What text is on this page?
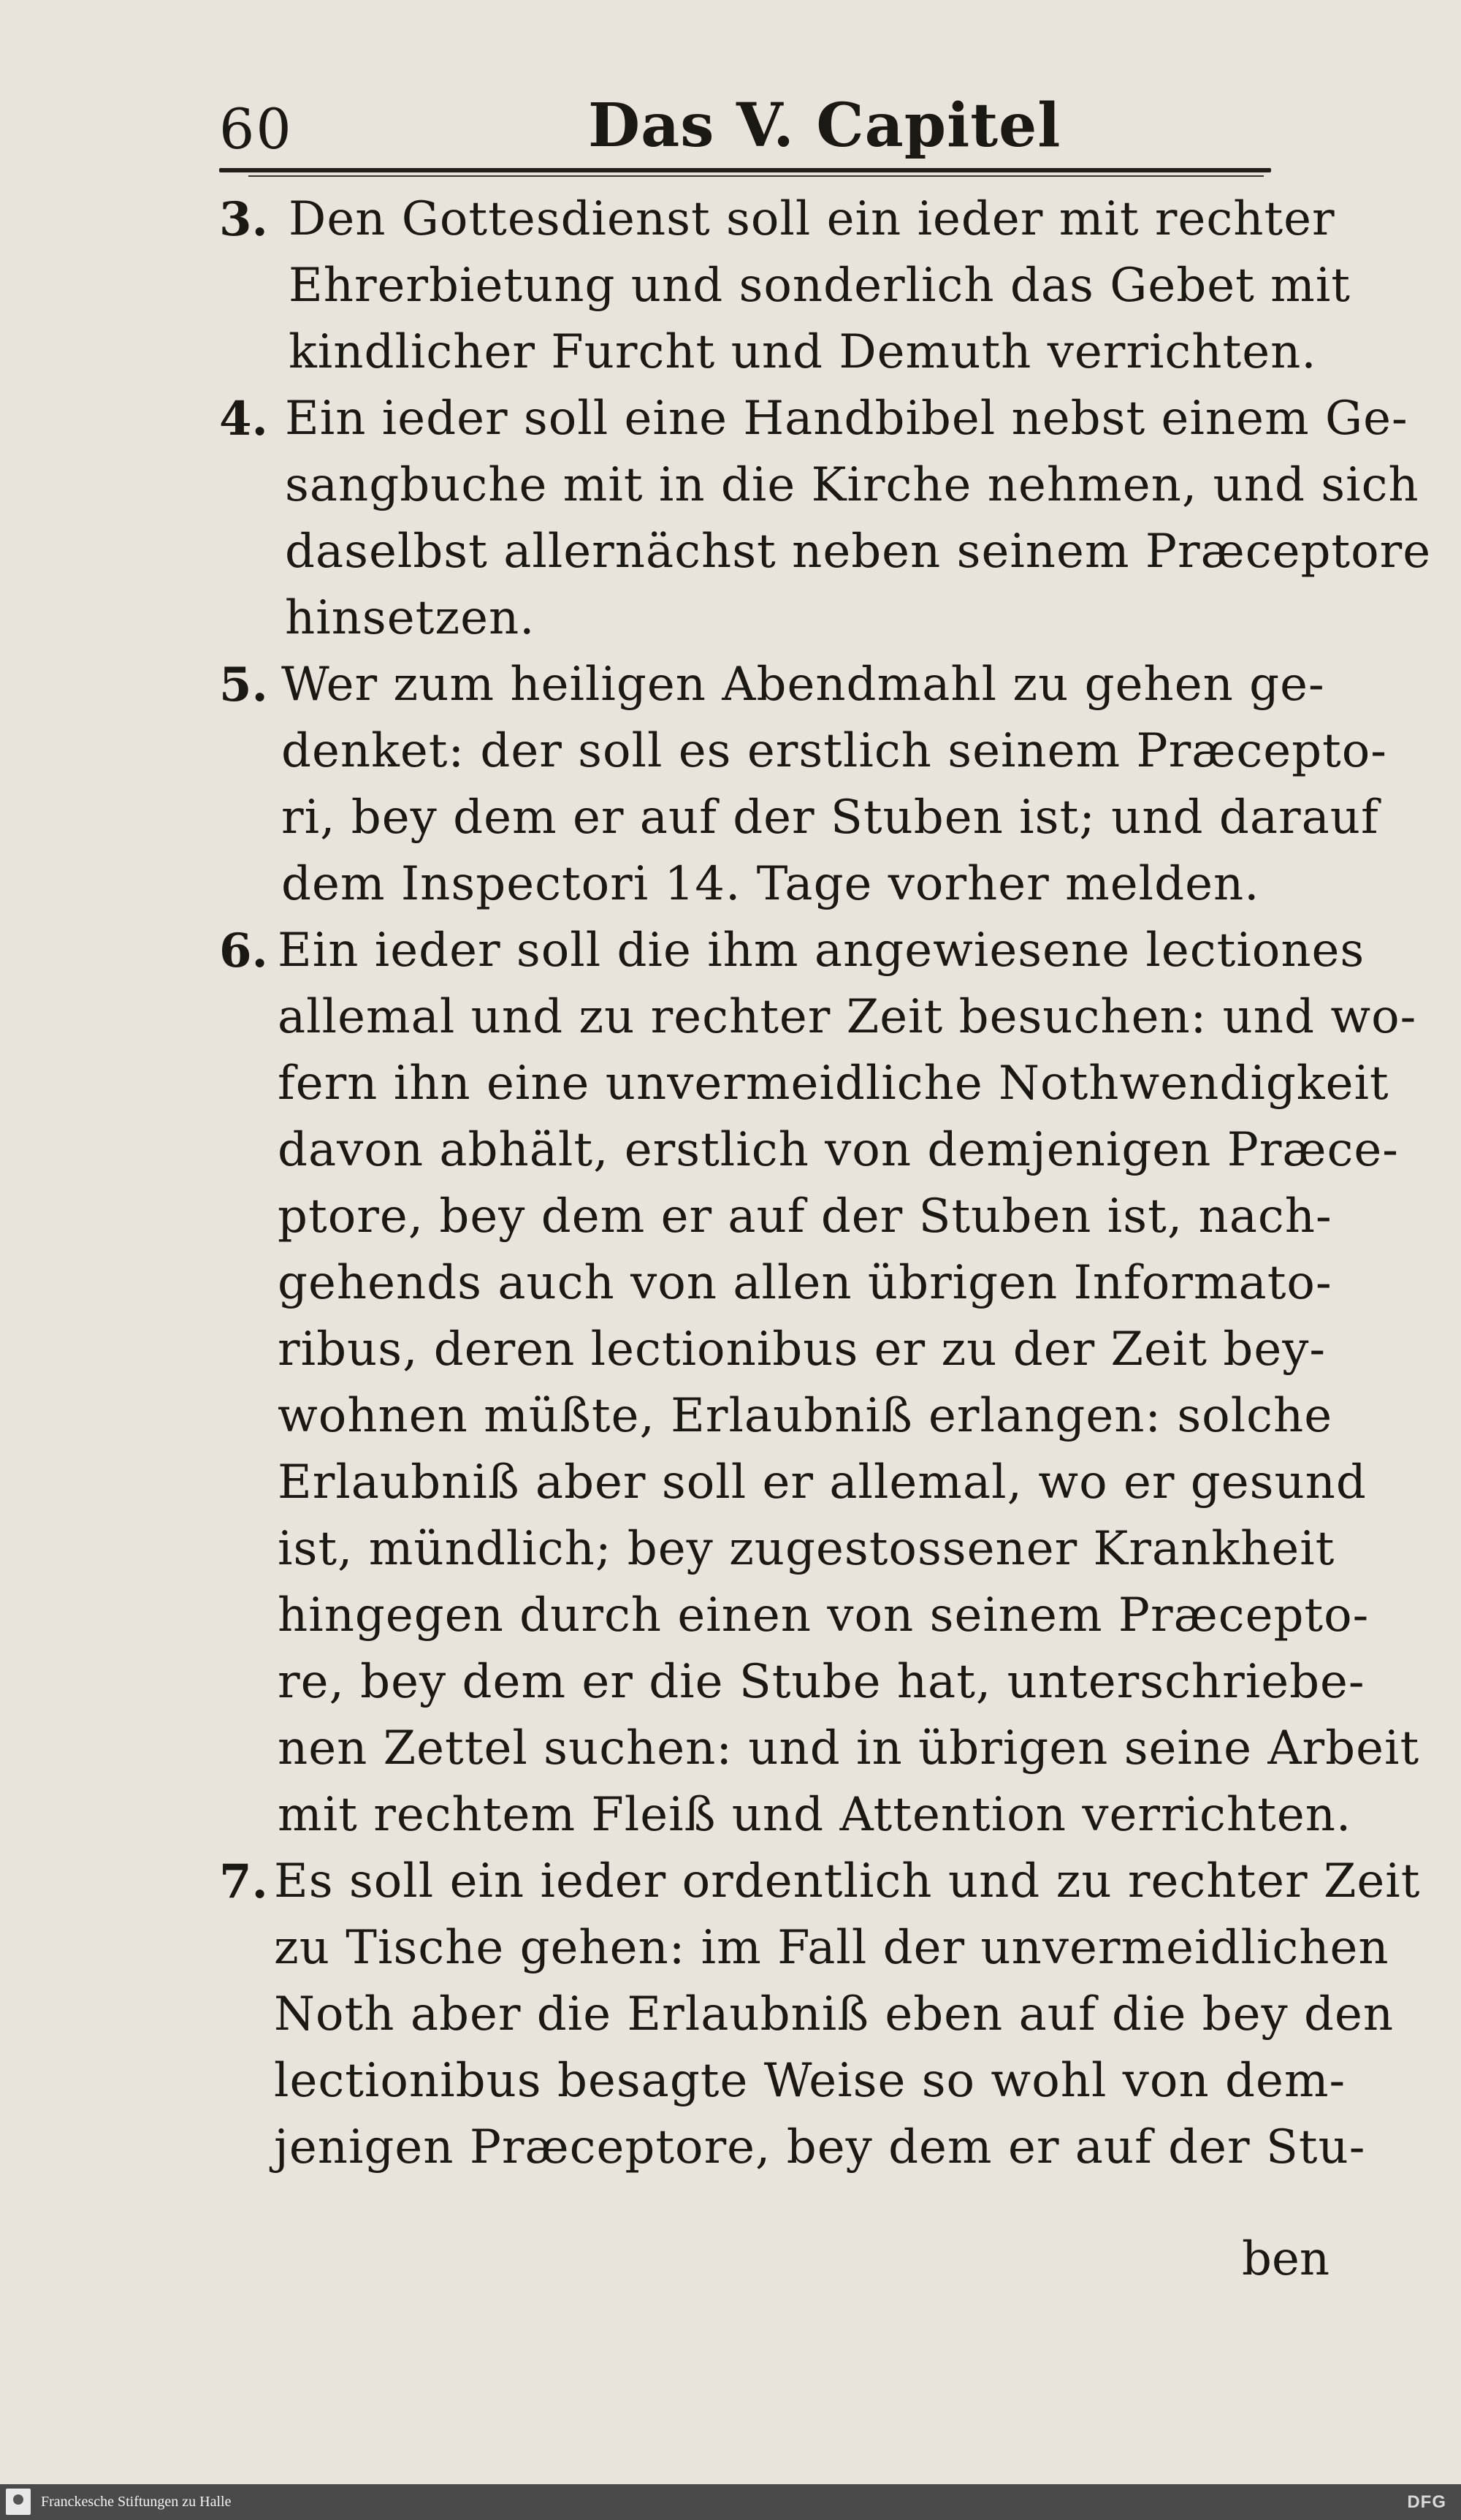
60	Das V. Capitel
3. Den Gottesdienst soll ein ieder mit rechter
Ehrerbietung und sonderlich das Gebet mit
kindlicher Furcht und Demuth verrichten.
4. Ein ieder soll eine Handbibel nebst einem Ge-
sangbuche mit in die Kirche nehmen, und sich
daselbst allernächst neben seinem Præceptore
hinsetzen.
5. Wer zum heiligen Abendmahl zu gehen ge-
denket: der soll es erstlich seinem Præcepto-
ri, bey dem er auf der Stuben ist; und darauf
dem Inspectori 14. Tage vorher melden.
6. Ein ieder soll die ihm angewiesene lectiones
allemal und zu rechter Zeit besuchen: und wo-
fern ihn eine unvermeidliche Nothwendigkeit
davon abhält, erstlich von demjenigen Præce-
ptore, bey dem er auf der Stuben ist, nach-
gehends auch von allen übrigen Informato-
ribus, deren lectionibus er zu der Zeit bey-
wohnen müßte, Erlaubniß erlangen: solche
Erlaubniß aber soll er allemal, wo er gesund
ist, mündlich; bey zugestossener Krankheit
hingegen durch einen von seinem Præcepto-
re, bey dem er die Stube hat, unterschriebe-
nen Zettel suchen: und in übrigen seine Arbeit
mit rechtem Fleiß und Attention verrichten.
7. Es soll ein ieder ordentlich und zu rechter Zeit
zu Tische gehen: im Fall der unvermeidlichen
Noth aber die Erlaubniß eben auf die bey den
lectionibus besagte Weise so wohl von dem-
jenigen Præceptore, bey dem er auf der Stu-
ben
Franckesche Stiftungen zu Halle	DFG
